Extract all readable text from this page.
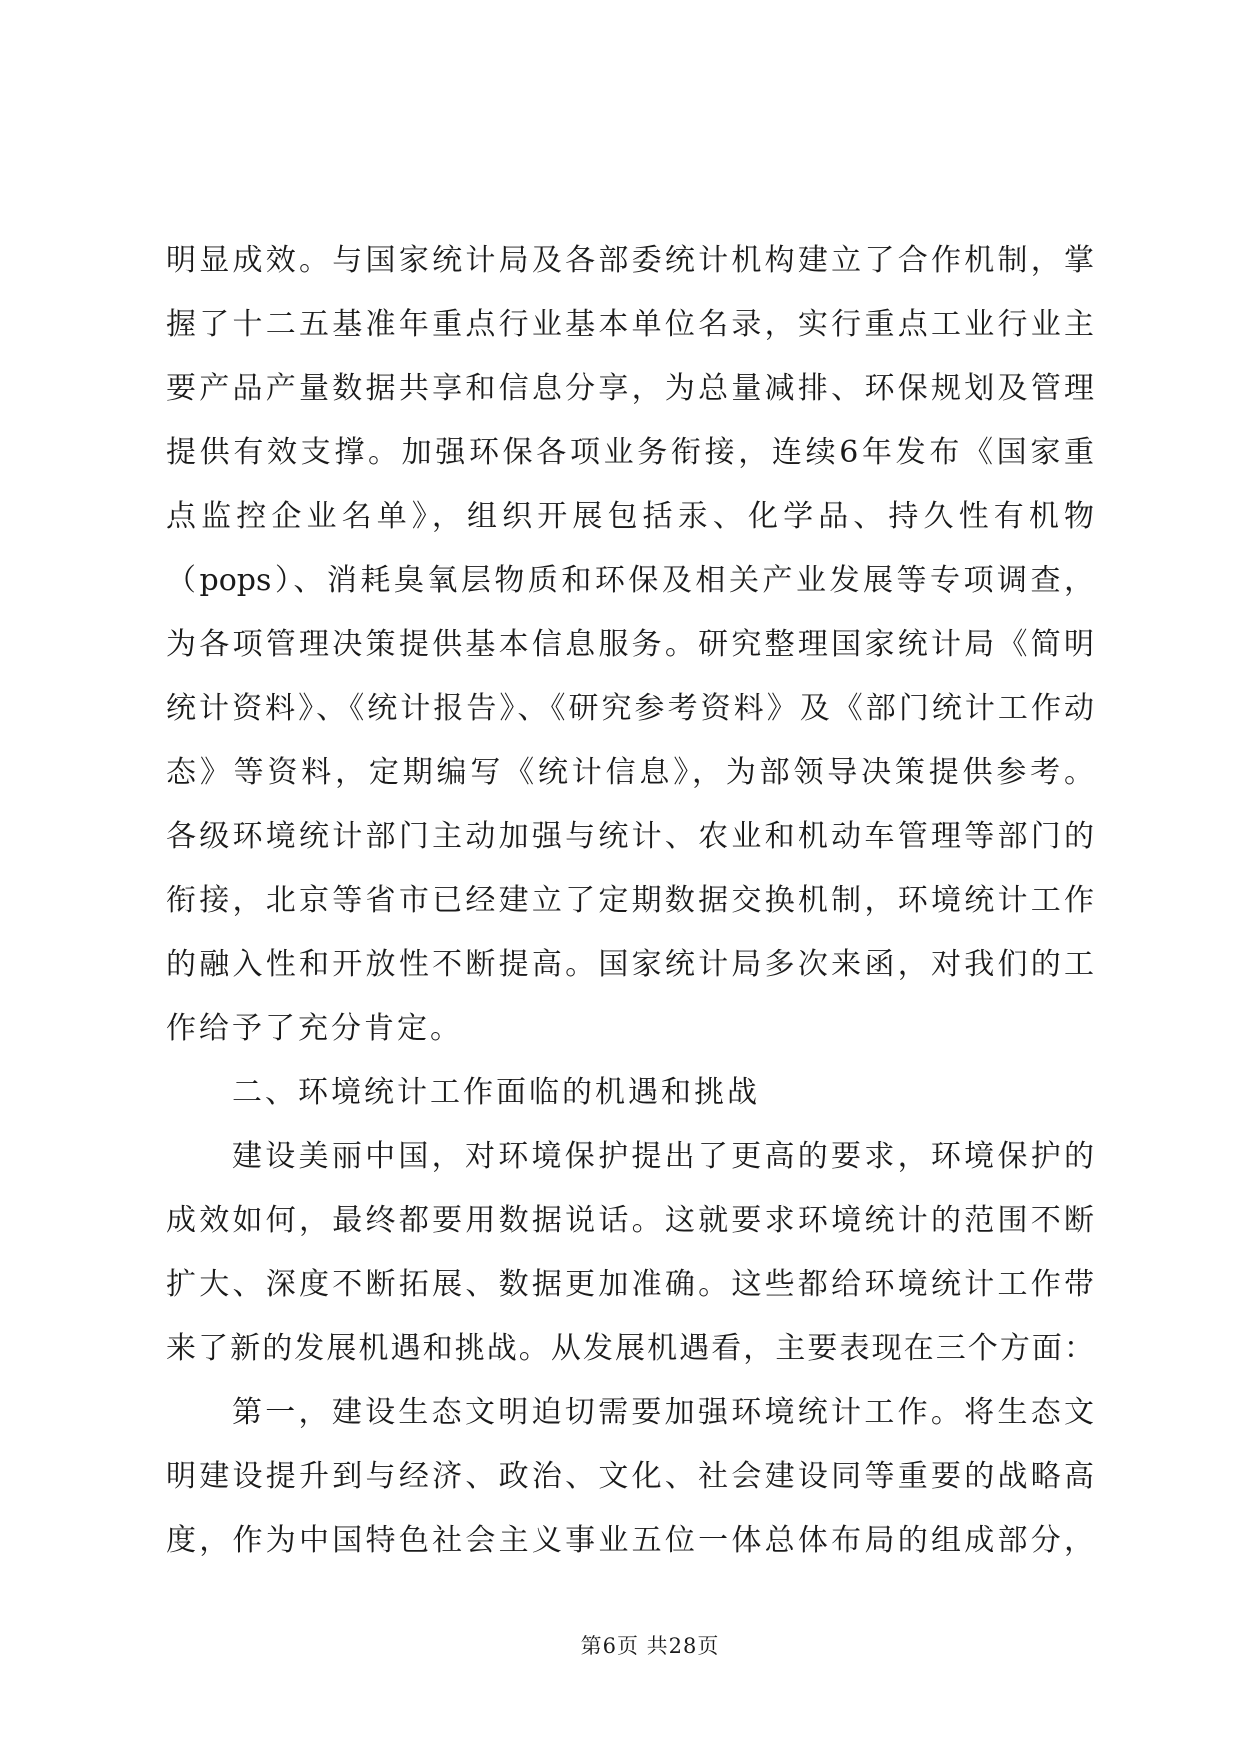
明显成效。与国家统计局及各部委统计机构建立了合作机制，掌
握了十二五基准年重点行业基本单位名录，实行重点工业行业主
要产品产量数据共享和信息分享，为总量减排、环保规划及管理
提供有效支撑。加强环保各项业务衔接，连续6年发布《国家重
点监控企业名单》，组织开展包括汞、化学品、持久性有机物
（pops）、消耗臭氧层物质和环保及相关产业发展等专项调查，
为各项管理决策提供基本信息服务。研究整理国家统计局《简明
统计资料》、《统计报告》、《研究参考资料》及《部门统计工作动
态》等资料，定期编写《统计信息》，为部领导决策提供参考。
各级环境统计部门主动加强与统计、农业和机动车管理等部门的
衔接，北京等省市已经建立了定期数据交换机制，环境统计工作
的融入性和开放性不断提高。国家统计局多次来函，对我们的工
作给予了充分肯定。
二、环境统计工作面临的机遇和挑战
建设美丽中国，对环境保护提出了更高的要求，环境保护的
成效如何，最终都要用数据说话。这就要求环境统计的范围不断
扩大、深度不断拓展、数据更加准确。这些都给环境统计工作带
来了新的发展机遇和挑战。从发展机遇看，主要表现在三个方面：
第一，建设生态文明迫切需要加强环境统计工作。将生态文
明建设提升到与经济、政治、文化、社会建设同等重要的战略高
度，作为中国特色社会主义事业五位一体总体布局的组成部分，
第6页 共28页
